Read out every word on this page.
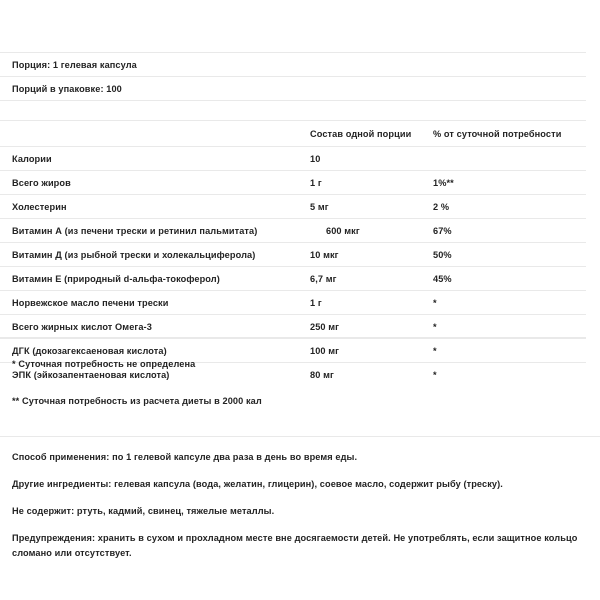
Порция: 1 гелевая капсула		
Порций в упаковке: 100		

	Состав одной порции	% от суточной потребности
Калории	10	
Всего жиров	1 г	1%**
Холестерин	5 мг	2 %
Витамин А (из печени трески и ретинил пальмитата)	600 мкг	67%
Витамин Д (из рыбной трески и холекальциферола)	10 мкг	50%
Витамин Е (природный d-альфа-токоферол)	6,7 мг	45%
Норвежское масло печени трески	1 г	*
Всего жирных кислот Омега-3	250 мг	*
ДГК (докозагексаеновая кислота)	100 мг	*
ЭПК (эйкозапентаеновая кислота)	80 мг	*

* Суточная потребность не определена

** Суточная потребность из расчета диеты в 2000 кал

Способ применения: по 1 гелевой капсуле два раза в день во время еды.

Другие ингредиенты: гелевая капсула (вода, желатин, глицерин), соевое масло, содержит рыбу (треску).

Не содержит: ртуть, кадмий, свинец, тяжелые металлы.

Предупреждения: хранить в сухом и прохладном месте вне досягаемости детей. Не употреблять, если защитное кольцо сломано или отсутствует.
